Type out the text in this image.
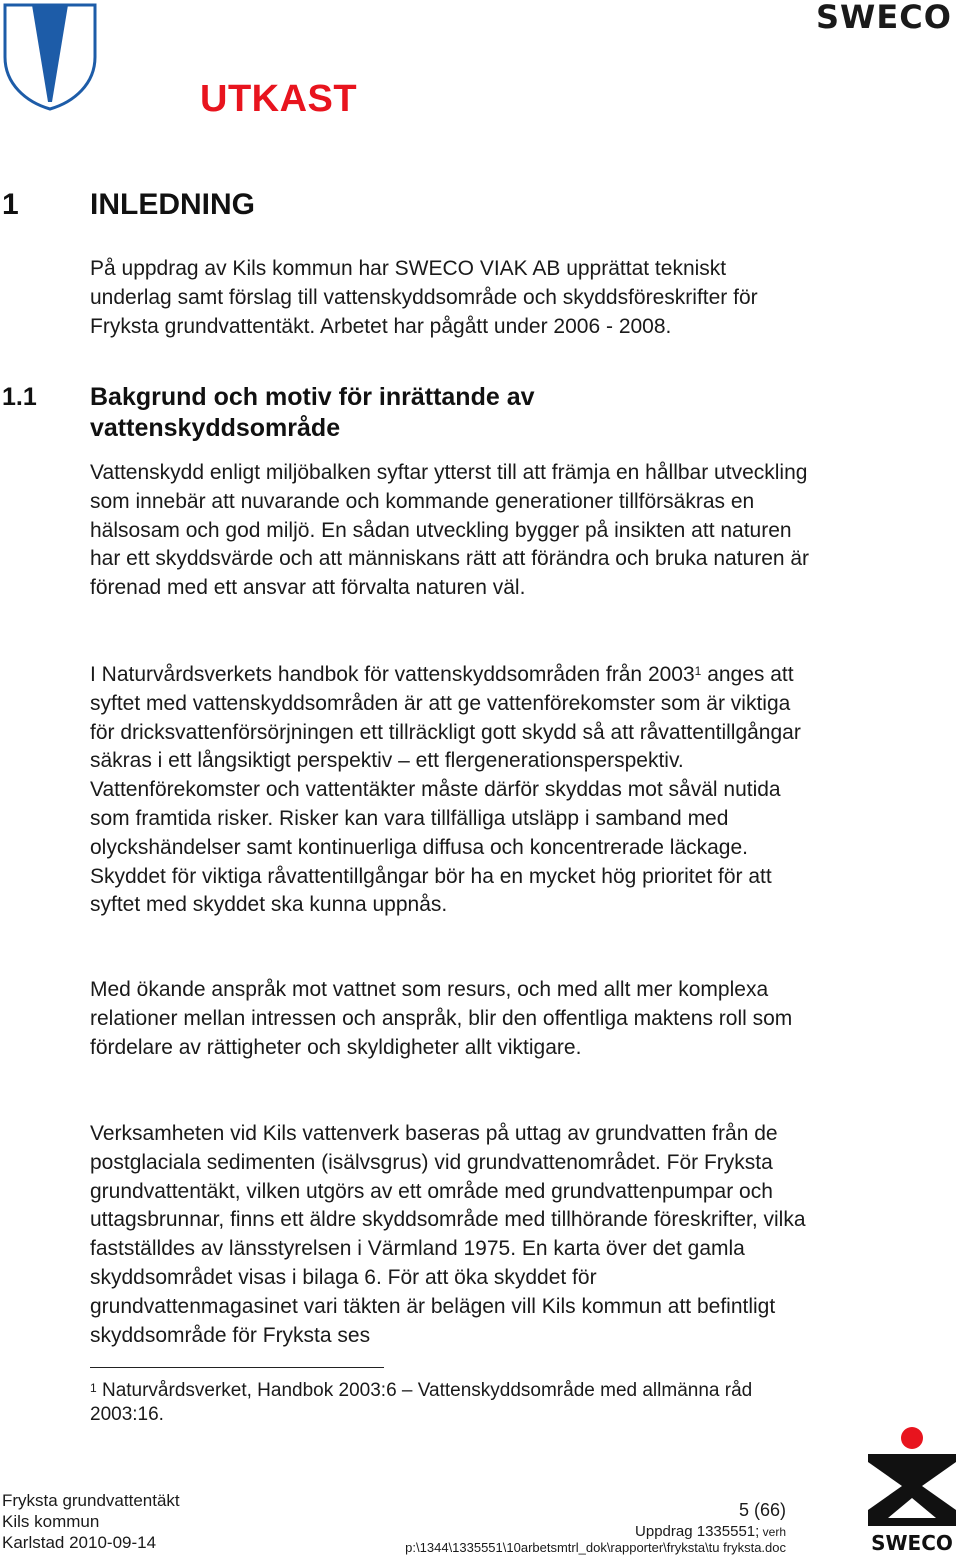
SWECO
UTKAST
1 INLEDNING

På uppdrag av Kils kommun har SWECO VIAK AB upprättat tekniskt underlag samt förslag till vattenskyddsområde och skyddsföreskrifter för Fryksta grundvattentäkt. Arbetet har pågått under 2006 - 2008.

1.1 Bakgrund och motiv för inrättande av vattenskyddsområde

Vattenskydd enligt miljöbalken syftar ytterst till att främja en hållbar utveckling som innebär att nuvarande och kommande generationer tillförsäkras en hälsosam och god miljö. En sådan utveckling bygger på insikten att naturen har ett skyddsvärde och att människans rätt att förändra och bruka naturen är förenad med ett ansvar att förvalta naturen väl.

I Naturvårdsverkets handbok för vattenskyddsområden från 2003$^1$ anges att syftet med vattenskyddsområden är att ge vattenförekomster som är viktiga för dricksvattenförsörjningen ett tillräckligt gott skydd så att råvattentillgångar säkras i ett långsiktigt perspektiv – ett flergenerationsperspektiv. Vattenförekomster och vattentäkter måste därför skyddas mot såväl nutida som framtida risker. Risker kan vara tillfälliga utsläpp i samband med olyckshändelser samt kontinuerliga diffusa och koncentrerade läckage. Skyddet för viktiga råvattentillgångar bör ha en mycket hög prioritet för att syftet med skyddet ska kunna uppnås.

Med ökande anspråk mot vattnet som resurs, och med allt mer komplexa relationer mellan intressen och anspråk, blir den offentliga maktens roll som fördelare av rättigheter och skyldigheter allt viktigare.

Verksamheten vid Kils vattenverk baseras på uttag av grundvatten från de postglaciala sedimenten (isälvsgrus) vid grundvattenområdet. För Fryksta grundvattentäkt, vilken utgörs av ett område med grundvattenpumpar och uttagsbrunnar, finns ett äldre skyddsområde med tillhörande föreskrifter, vilka fastställdes av länsstyrelsen i Värmland 1975. En karta över det gamla skyddsområdet visas i bilaga 6. För att öka skyddet för grundvattenmagasinet vari täkten är belägen vill Kils kommun att befintligt skyddsområde för Fryksta ses

$^1$ Naturvårdsverket, Handbok 2003:6 – Vattenskyddsområde med allmänna råd 2003:16.
Fryksta grundvattentäkt
Kils kommun
Karlstad 2010-09-14
5 (66)
Uppdrag 1335551; verh
p:\1344\1335551\10arbetsmtrl_dok\rapporter\fryksta\tu fryksta.doc	SWECO
